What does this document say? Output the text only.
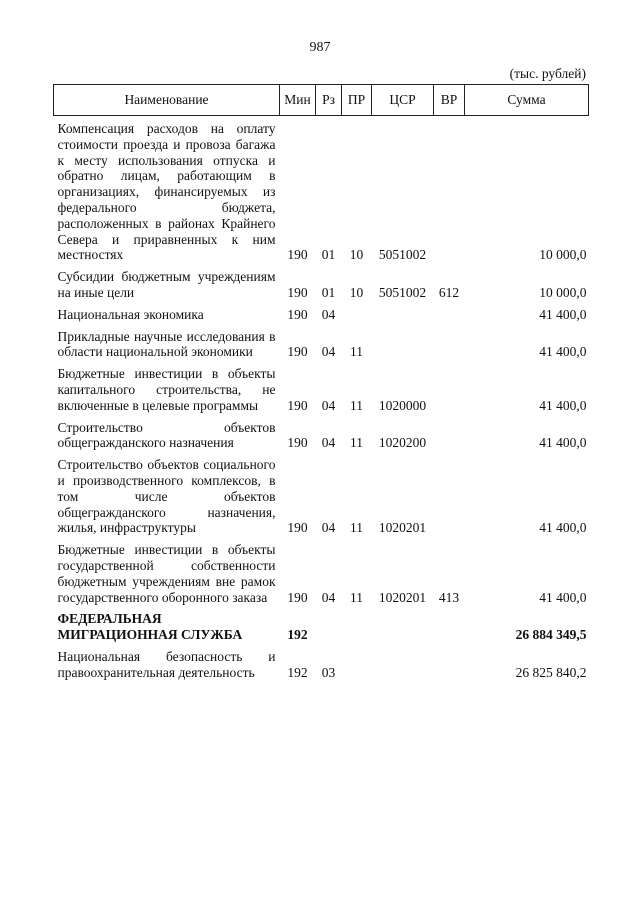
987
(тыс. рублей)
Наименование	Мин	Рз	ПР	ЦСР	ВР	Сумма

Компенсация расходов на оплату стоимости проезда и провоза багажа к месту использования отпуска и обратно лицам, работающим в организациях, финансируемых из федерального бюджета, расположенных в районах Крайнего Севера и приравненных к ним местностях	190	01	10	5051002		10 000,0

Субсидии бюджетным учреждениям на иные цели	190	01	10	5051002	612	10 000,0

Национальная экономика	190	04				41 400,0

Прикладные научные исследования в области национальной экономики	190	04	11			41 400,0

Бюджетные инвестиции в объекты капитального строительства, не включенные в целевые программы	190	04	11	1020000		41 400,0

Строительство объектов общегражданского назначения	190	04	11	1020200		41 400,0

Строительство объектов социального и производственного комплексов, в том числе объектов общегражданского назначения, жилья, инфраструктуры	190	04	11	1020201		41 400,0

Бюджетные инвестиции в объекты государственной собственности бюджетным учреждениям вне рамок государственного оборонного заказа	190	04	11	1020201	413	41 400,0

ФЕДЕРАЛЬНАЯ МИГРАЦИОННАЯ СЛУЖБА	192					26 884 349,5

Национальная безопасность и правоохранительная деятельность	192	03				26 825 840,2
